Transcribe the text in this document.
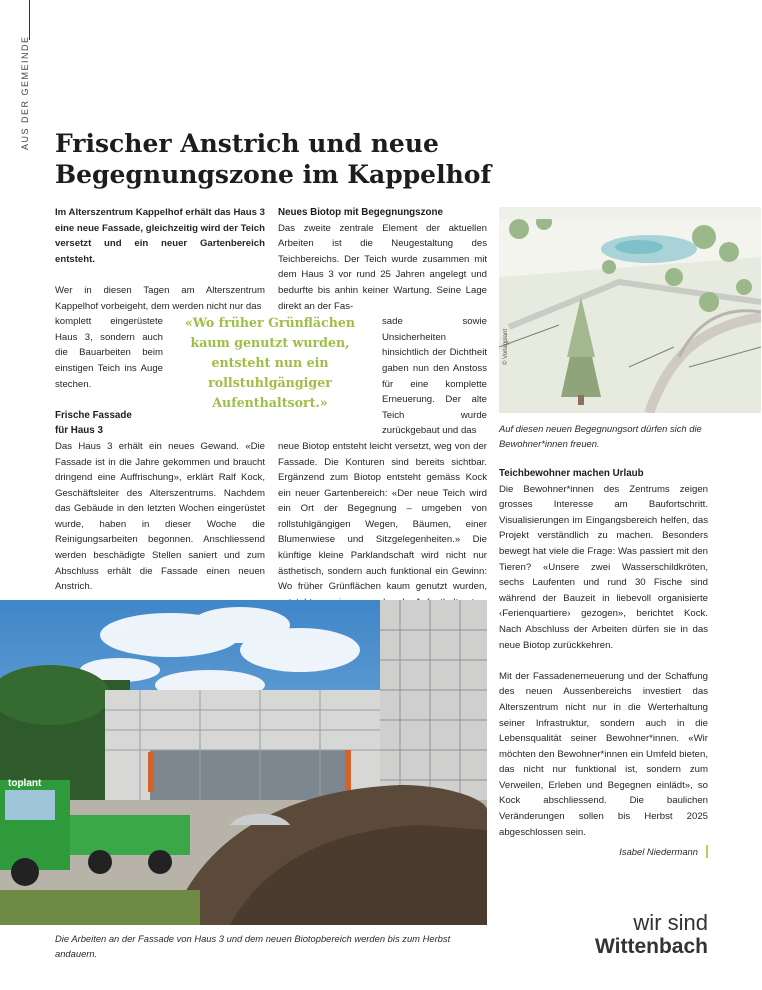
AUS DER GEMEINDE Frischer Anstrich und neue Begegnungszone im Kappelhof

Im Alterszentrum Kappelhof erhält das Haus 3 eine neue Fassade, gleichzeitig wird der Teich versetzt und ein neuer Gartenbereich entsteht.

Wer in diesen Tagen am Alterszentrum Kappelhof vorbeigeht, dem werden nicht nur das

komplett eingerüstete Haus 3, sondern auch die Bauarbeiten beim einstigen Teich ins Auge stechen.

Frische Fassade für Haus 3

Das Haus 3 erhält ein neues Gewand. «Die Fassade ist in die Jahre gekommen und braucht dringend eine Auffrischung», erklärt Ralf Kock, Geschäftsleiter des Alterszentrums. Nachdem das Gebäude in den letzten Wochen eingerüstet wurde, haben in dieser Woche die Reinigungsarbeiten begonnen. Anschliessend werden beschädigte Stellen saniert und zum Abschluss erhält die Fassade einen neuen Anstrich.

Neues Biotop mit Begegnungszone

Das zweite zentrale Element der aktuellen Arbeiten ist die Neugestaltung des Teichbereichs. Der Teich wurde zusammen mit dem Haus 3 vor rund 25 Jahren angelegt und bedurfte bis anhin keiner Wartung. Seine Lage direkt an der Fas-

sade sowie Unsicherheiten hinsichtlich der Dichtheit gaben nun den Anstoss für eine komplette Erneuerung. Der alte Teich wurde zurückgebaut und das

neue Biotop entsteht leicht versetzt, weg von der Fassade. Die Konturen sind bereits sichtbar. Ergänzend zum Biotop entsteht gemäss Kock ein neuer Gartenbereich: «Der neue Teich wird ein Ort der Begegnung – umgeben von rollstuhlgängigen Wegen, Bäumen, einer Blumenwiese und Sitzgelegenheiten.» Die künftige kleine Parklandschaft wird nicht nur ästhetisch, sondern auch funktional ein Gewinn: Wo früher Grünflächen kaum genutzt wurden,

«Wo früher Grünflächen kaum genutzt wurden, entsteht nun ein rollstuhlgängiger Aufenthaltsort.»
© Vorlagplant

Auf diesen neuen Begegnungsort dürfen sich die Bewohner*innen freuen.

Teichbewohner machen Urlaub

Die Bewohner*innen des Zentrums zeigen grosses Interesse am Baufortschritt. Visualisierungen im Eingangsbereich helfen, das Projekt verständlich zu machen. Besonders bewegt hat viele die Frage: Was passiert mit den Tieren? «Unsere zwei Wasserschildkröten, sechs Laufenten und rund 30 Fische sind während der Bauzeit in liebevoll organisierte ‹Ferienquartiere› gezogen», berichtet Kock. Nach Abschluss der Arbeiten dürfen sie in das neue Biotop zurückkehren.

Mit der Fassadenerneuerung und der Schaffung des neuen Aussenbereichs investiert das Alterszentrum nicht nur in die Werterhaltung seiner Infrastruktur, sondern auch in die Lebensqualität seiner Bewohner*innen. «Wir möchten den Bewohner*innen ein Umfeld bieten, das nicht nur funktional ist, sondern zum Verweilen, Erleben und Begegnen einlädt», so Kock abschliessend. Die baulichen Veränderungen sollen bis Herbst 2025 abgeschlossen sein.

Isabel Niedermann
toplant

Die Arbeiten an der Fassade von Haus 3 und dem neuen Biotopbereich werden bis zum Herbst andauern.

wir sind
Wittenbach
